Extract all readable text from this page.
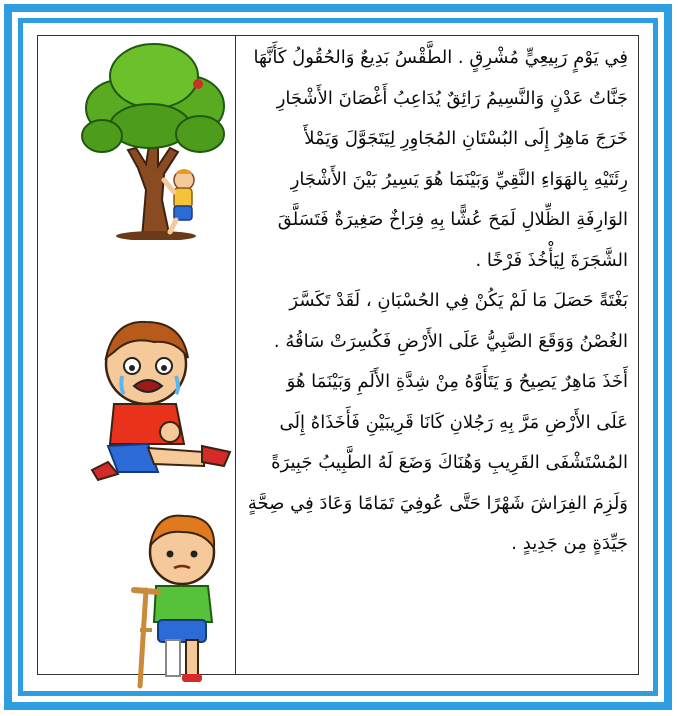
فِي يَوْمٍ رَبِيعِيٍّ مُشْرِقٍ . الطَّقْسُ بَدِيعٌ وَالحُقُولُ كَأَنَّهَا
جَنَّاتُ عَدْنٍ وَالنَّسِيمُ رَائِقٌ يُدَاعِبُ أَغْصَانَ الأَشْجَارِ
خَرَجَ مَاهِرٌ إِلَى البُسْتَانِ المُجَاوِرِ لِيَتَجَوَّلَ وَيَمْلأَ
رِئَتَيْهِ بِالهَوَاءِ النَّقِيِّ وَبَيْنَمَا هُوَ يَسِيرُ بَيْنَ الأَشْجَارِ
الوَارِفَةِ الظِّلالِ لَمَحَ عُشًّا بِهِ فِرَاخٌ صَغِيرَةٌ فَتَسَلَّقَ
الشَّجَرَةَ لِيَأْخُذَ فَرْخًا .
بَغْتَةً حَصَلَ مَا لَمْ يَكُنْ فِي الحُسْبَانِ ، لَقَدْ تَكَسَّرَ
الغُصْنُ وَوَقَعَ الصَّبِيُّ عَلَى الأَرْضِ فَكُسِرَتْ سَاقُهُ .
أَخَذَ مَاهِرٌ يَصِيحُ وَ يَتَأَوَّهُ مِنْ شِدَّةِ الأَلَمِ وَبَيْنَمَا هُوَ
عَلَى الأَرْضِ مَرَّ بِهِ رَجُلانِ كَانَا قَرِيبَيْنِ فَأَخَذَاهُ إِلَى
المُسْتَشْفَى القَرِيبِ وَهُنَاكَ وَضَعَ لَهُ الطَّبِيبُ جَبِيرَةً
وَلَزِمَ الفِرَاشَ شَهْرًا حَتَّى عُوفِيَ تَمَامًا وَعَادَ فِي صِحَّةٍ
جَيِّدَةٍ مِن جَدِيدٍ .
